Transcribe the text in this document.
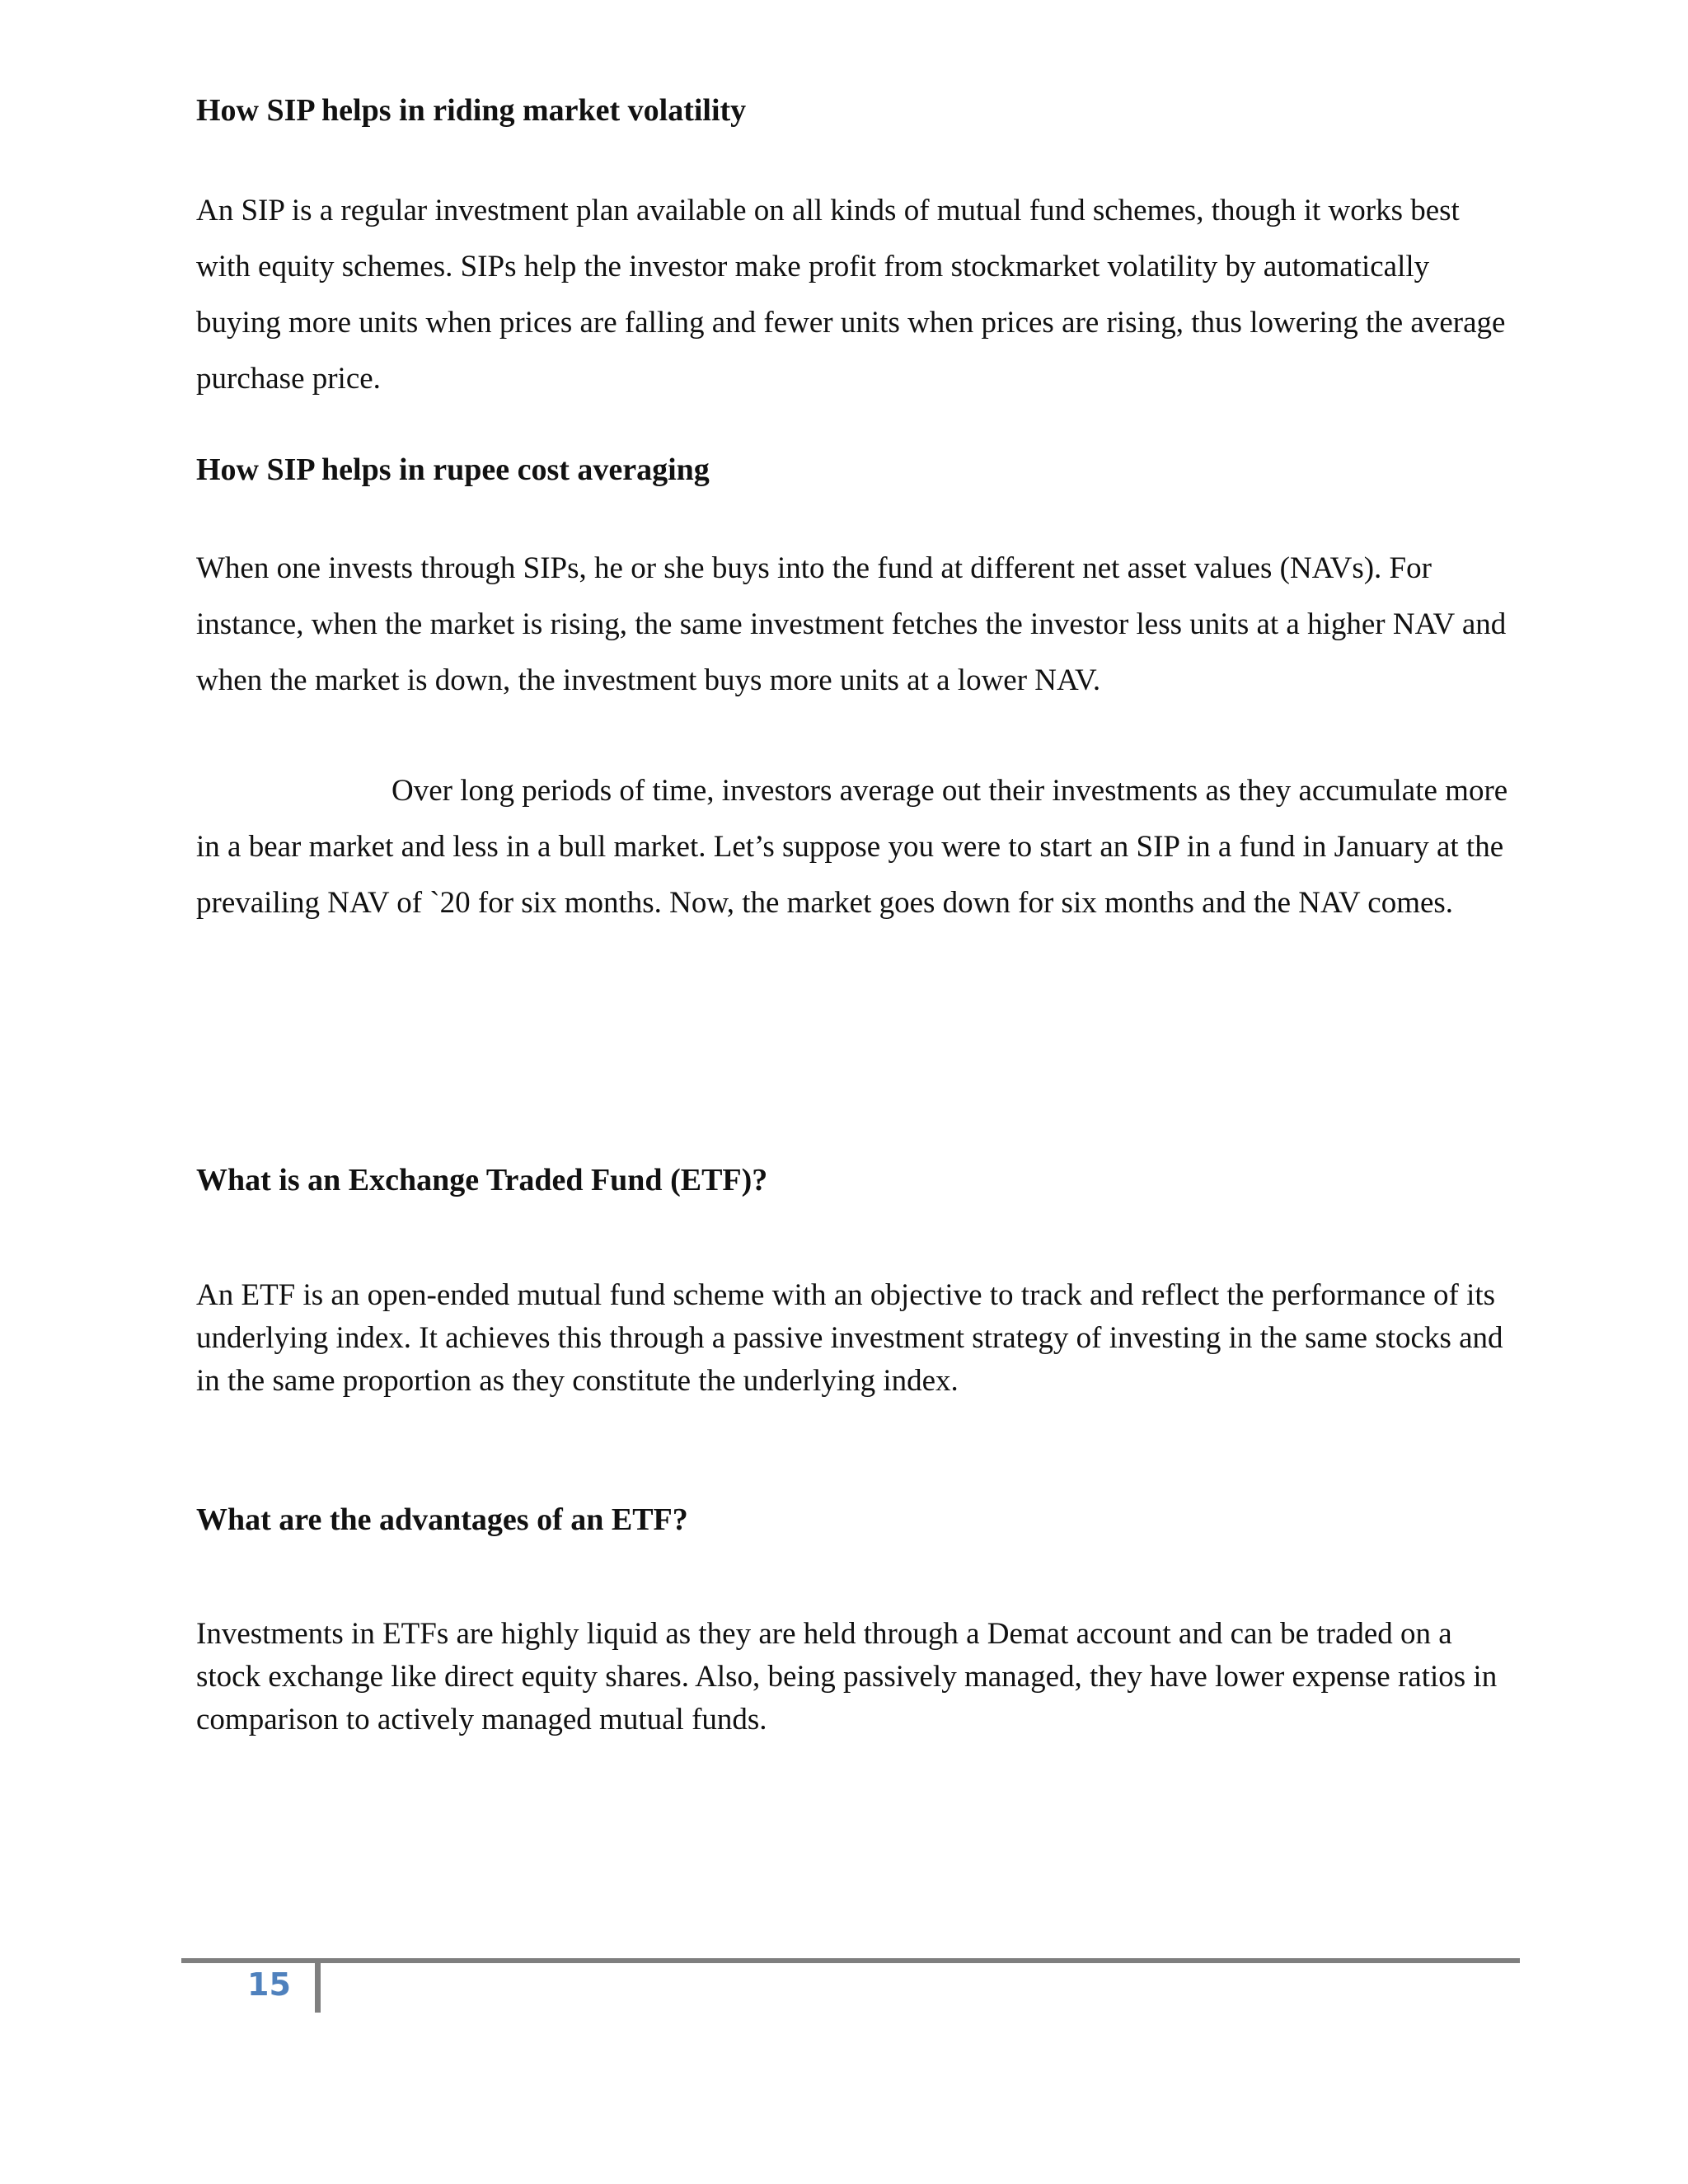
How SIP helps in riding market volatility

An SIP is a regular investment plan available on all kinds of mutual fund schemes, though it works best with equity schemes. SIPs help the investor make profit from stockmarket volatility by automatically buying more units when prices are falling and fewer units when prices are rising, thus lowering the average purchase price.

How SIP helps in rupee cost averaging

When one invests through SIPs, he or she buys into the fund at different net asset values (NAVs). For instance, when the market is rising, the same investment fetches the investor less units at a higher NAV and when the market is down, the investment buys more units at a lower NAV.

Over long periods of time, investors average out their investments as they accumulate more in a bear market and less in a bull market. Let’s suppose you were to start an SIP in a fund in January at the prevailing NAV of `20 for six months. Now, the market goes down for six months and the NAV comes.

What is an Exchange Traded Fund (ETF)?

An ETF is an open-ended mutual fund scheme with an objective to track and reflect the performance of its underlying index. It achieves this through a passive investment strategy of investing in the same stocks and in the same proportion as they constitute the underlying index.

What are the advantages of an ETF?

Investments in ETFs are highly liquid as they are held through a Demat account and can be traded on a stock exchange like direct equity shares. Also, being passively managed, they have lower expense ratios in comparison to actively managed mutual funds.

15
